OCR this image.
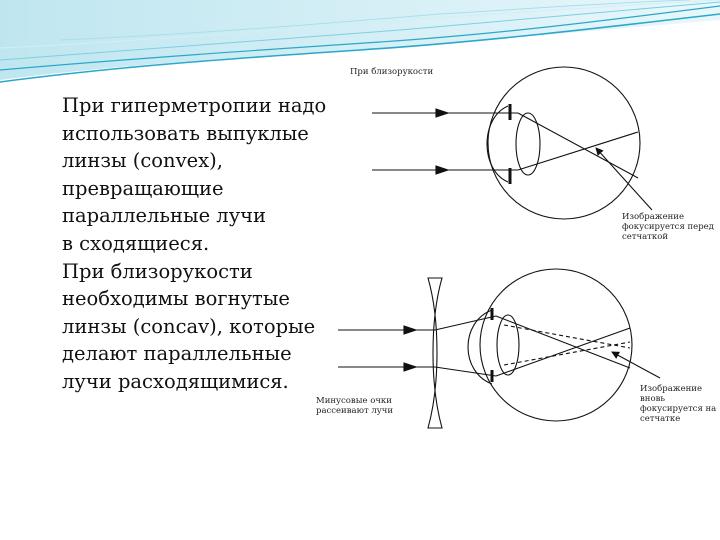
При близорукости
Изображение
фокусируется перед
сетчаткой
Минусовые очки
рассеивают лучи
Изображение
вновь
фокусируется на
сетчатке
При гиперметропии надо
использовать выпуклые
линзы (convex),
превращающие
параллельные лучи
в сходящиеся.
При близорукости
необходимы вогнутые
линзы (concav), которые
делают параллельные
лучи расходящимися.
